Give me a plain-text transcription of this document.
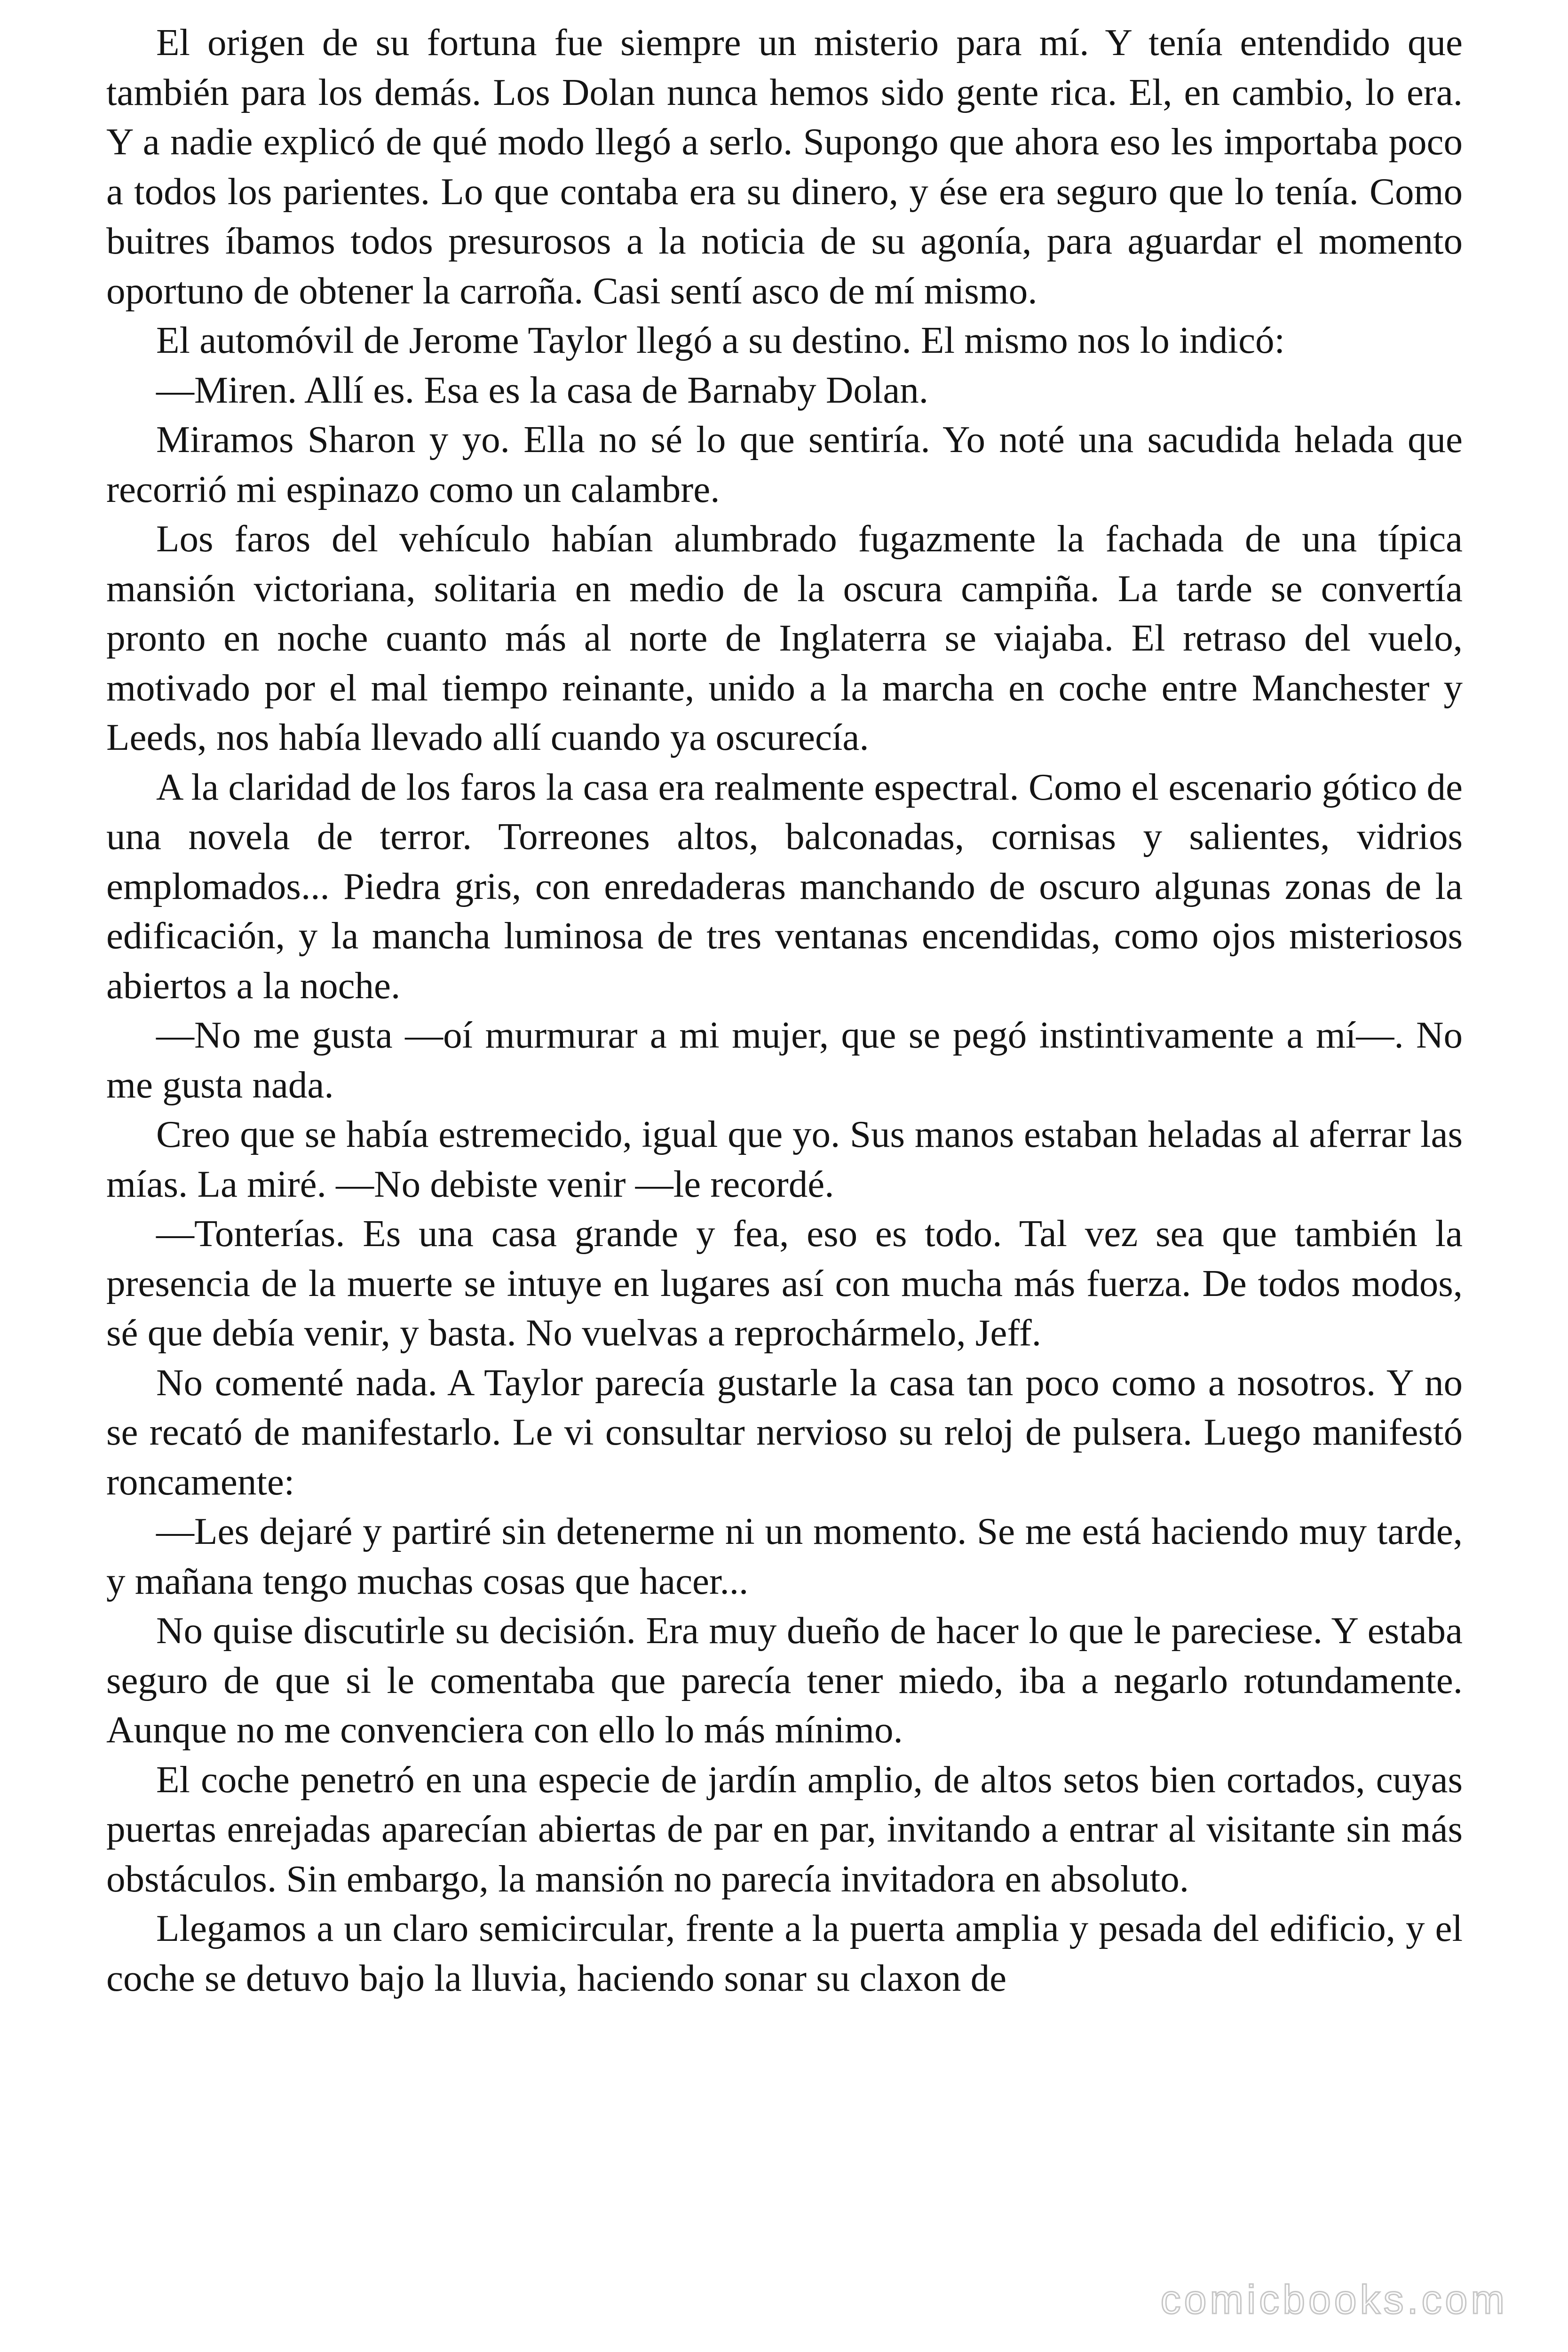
El origen de su fortuna fue siempre un misterio para mí. Y tenía entendido que también para los demás. Los Dolan nunca hemos sido gente rica. El, en cambio, lo era. Y a nadie explicó de qué modo llegó a serlo. Supongo que ahora eso les importaba poco a todos los parientes. Lo que contaba era su dinero, y ése era seguro que lo tenía. Como buitres íbamos todos presurosos a la noticia de su agonía, para aguardar el momento oportuno de obtener la carroña. Casi sentí asco de mí mismo.

El automóvil de Jerome Taylor llegó a su destino. El mismo nos lo indicó:

—Miren. Allí es. Esa es la casa de Barnaby Dolan.

Miramos Sharon y yo. Ella no sé lo que sentiría. Yo noté una sacudida helada que recorrió mi espinazo como un calambre.

Los faros del vehículo habían alumbrado fugazmente la fachada de una típica mansión victoriana, solitaria en medio de la oscura campiña. La tarde se convertía pronto en noche cuanto más al norte de Inglaterra se viajaba. El retraso del vuelo, motivado por el mal tiempo reinante, unido a la marcha en coche entre Manchester y Leeds, nos había llevado allí cuando ya oscurecía.

A la claridad de los faros la casa era realmente espectral. Como el escenario gótico de una novela de terror. Torreones altos, balconadas, cornisas y salientes, vidrios emplomados... Piedra gris, con enredaderas manchando de oscuro algunas zonas de la edificación, y la mancha luminosa de tres ventanas encendidas, como ojos misteriosos abiertos a la noche.

—No me gusta —oí murmurar a mi mujer, que se pegó instintivamente a mí—. No me gusta nada.

Creo que se había estremecido, igual que yo. Sus manos estaban heladas al aferrar las mías. La miré. —No debiste venir —le recordé.

—Tonterías. Es una casa grande y fea, eso es todo. Tal vez sea que también la presencia de la muerte se intuye en lugares así con mucha más fuerza. De todos modos, sé que debía venir, y basta. No vuelvas a reprochármelo, Jeff.

No comenté nada. A Taylor parecía gustarle la casa tan poco como a nosotros. Y no se recató de manifestarlo. Le vi consultar nervioso su reloj de pulsera. Luego manifestó roncamente:

—Les dejaré y partiré sin detenerme ni un momento. Se me está haciendo muy tarde, y mañana tengo muchas cosas que hacer...

No quise discutirle su decisión. Era muy dueño de hacer lo que le pareciese. Y estaba seguro de que si le comentaba que parecía tener miedo, iba a negarlo rotundamente. Aunque no me convenciera con ello lo más mínimo.

El coche penetró en una especie de jardín amplio, de altos setos bien cortados, cuyas puertas enrejadas aparecían abiertas de par en par, invitando a entrar al visitante sin más obstáculos. Sin embargo, la mansión no parecía invitadora en absoluto.

Llegamos a un claro semicircular, frente a la puerta amplia y pesada del edificio, y el coche se detuvo bajo la lluvia, haciendo sonar su claxon de

comicbooks.com
